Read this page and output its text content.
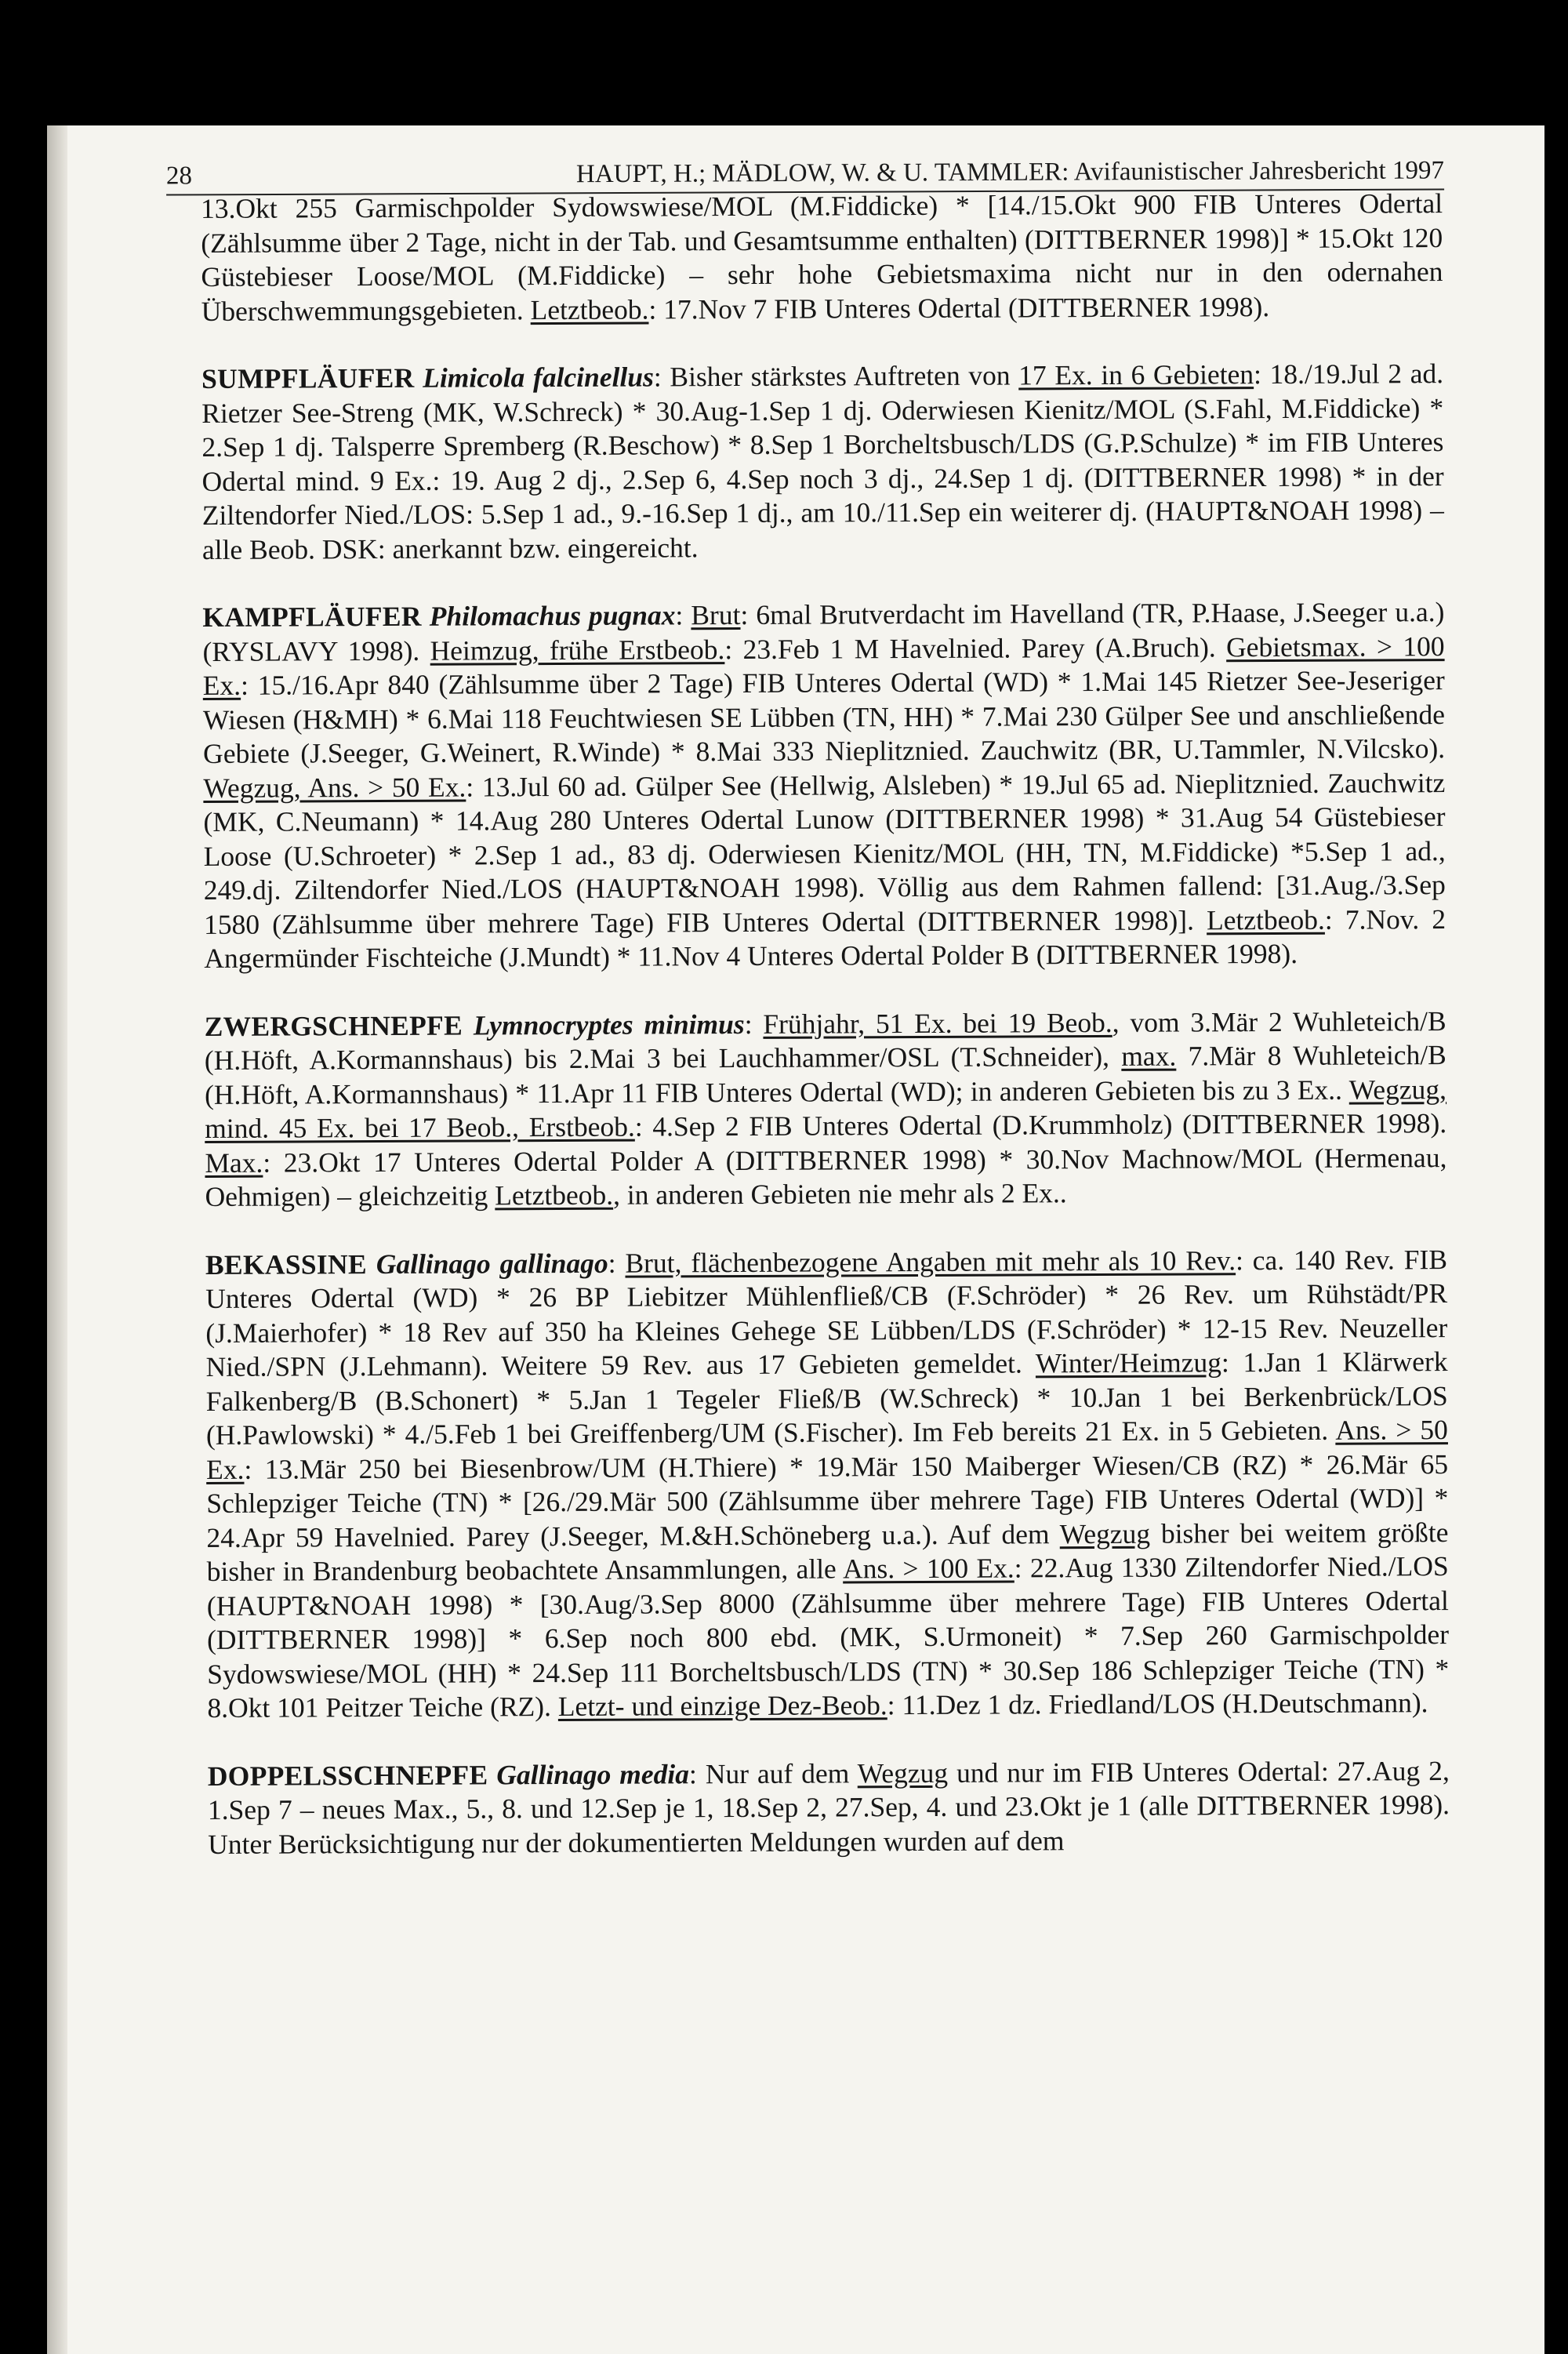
28	HAUPT, H.; MÄDLOW, W. & U. TAMMLER: Avifaunistischer Jahresbericht 1997

13.Okt 255 Garmischpolder Sydowswiese/MOL (M.Fiddicke) * [14./15.Okt 900 FIB Unteres Odertal (Zählsumme über 2 Tage, nicht in der Tab. und Gesamtsumme enthalten) (DITTBERNER 1998)] * 15.Okt 120 Güstebieser Loose/MOL (M.Fiddicke) – sehr hohe Gebietsmaxima nicht nur in den odernahen Überschwemmungsgebieten. Letztbeob.: 17.Nov 7 FIB Unteres Odertal (DITTBERNER 1998).

SUMPFLÄUFER Limicola falcinellus: Bisher stärkstes Auftreten von 17 Ex. in 6 Gebieten: 18./19.Jul 2 ad. Rietzer See-Streng (MK, W.Schreck) * 30.Aug-1.Sep 1 dj. Oderwiesen Kienitz/MOL (S.Fahl, M.Fiddicke) * 2.Sep 1 dj. Talsperre Spremberg (R.Beschow) * 8.Sep 1 Borcheltsbusch/LDS (G.P.Schulze) * im FIB Unteres Odertal mind. 9 Ex.: 19. Aug 2 dj., 2.Sep 6, 4.Sep noch 3 dj., 24.Sep 1 dj. (DITTBERNER 1998) * in der Ziltendorfer Nied./LOS: 5.Sep 1 ad., 9.-16.Sep 1 dj., am 10./11.Sep ein weiterer dj. (HAUPT&NOAH 1998) – alle Beob. DSK: anerkannt bzw. eingereicht.

KAMPFLÄUFER Philomachus pugnax: Brut: 6mal Brutverdacht im Havelland (TR, P.Haase, J.Seeger u.a.) (RYSLAVY 1998). Heimzug, frühe Erstbeob.: 23.Feb 1 M Havelnied. Parey (A.Bruch). Gebietsmax. > 100 Ex.: 15./16.Apr 840 (Zählsumme über 2 Tage) FIB Unteres Odertal (WD) * 1.Mai 145 Rietzer See-Jeseriger Wiesen (H&MH) * 6.Mai 118 Feuchtwiesen SE Lübben (TN, HH) * 7.Mai 230 Gülper See und anschließende Gebiete (J.Seeger, G.Weinert, R.Winde) * 8.Mai 333 Nieplitznied. Zauchwitz (BR, U.Tammler, N.Vilcsko). Wegzug, Ans. > 50 Ex.: 13.Jul 60 ad. Gülper See (Hellwig, Alsleben) * 19.Jul 65 ad. Nieplitznied. Zauchwitz (MK, C.Neumann) * 14.Aug 280 Unteres Odertal Lunow (DITTBERNER 1998) * 31.Aug 54 Güstebieser Loose (U.Schroeter) * 2.Sep 1 ad., 83 dj. Oderwiesen Kienitz/MOL (HH, TN, M.Fiddicke) *5.Sep 1 ad., 249.dj. Ziltendorfer Nied./LOS (HAUPT&NOAH 1998). Völlig aus dem Rahmen fallend: [31.Aug./3.Sep 1580 (Zählsumme über mehrere Tage) FIB Unteres Odertal (DITTBERNER 1998)]. Letztbeob.: 7.Nov. 2 Angermünder Fischteiche (J.Mundt) * 11.Nov 4 Unteres Odertal Polder B (DITTBERNER 1998).

ZWERGSCHNEPFE Lymnocryptes minimus: Frühjahr, 51 Ex. bei 19 Beob., vom 3.Mär 2 Wuhleteich/B (H.Höft, A.Kormannshaus) bis 2.Mai 3 bei Lauchhammer/OSL (T.Schneider), max. 7.Mär 8 Wuhleteich/B (H.Höft, A.Kormannshaus) * 11.Apr 11 FIB Unteres Odertal (WD); in anderen Gebieten bis zu 3 Ex.. Wegzug, mind. 45 Ex. bei 17 Beob., Erstbeob.: 4.Sep 2 FIB Unteres Odertal (D.Krummholz) (DITTBERNER 1998). Max.: 23.Okt 17 Unteres Odertal Polder A (DITTBERNER 1998) * 30.Nov Machnow/MOL (Hermenau, Oehmigen) – gleichzeitig Letztbeob., in anderen Gebieten nie mehr als 2 Ex..

BEKASSINE Gallinago gallinago: Brut, flächenbezogene Angaben mit mehr als 10 Rev.: ca. 140 Rev. FIB Unteres Odertal (WD) * 26 BP Liebitzer Mühlenfließ/CB (F.Schröder) * 26 Rev. um Rühstädt/PR (J.Maierhofer) * 18 Rev auf 350 ha Kleines Gehege SE Lübben/LDS (F.Schröder) * 12-15 Rev. Neuzeller Nied./SPN (J.Lehmann). Weitere 59 Rev. aus 17 Gebieten gemeldet. Winter/Heimzug: 1.Jan 1 Klärwerk Falkenberg/B (B.Schonert) * 5.Jan 1 Tegeler Fließ/B (W.Schreck) * 10.Jan 1 bei Berkenbrück/LOS (H.Pawlowski) * 4./5.Feb 1 bei Greiffenberg/UM (S.Fischer). Im Feb bereits 21 Ex. in 5 Gebieten. Ans. > 50 Ex.: 13.Mär 250 bei Biesenbrow/UM (H.Thiere) * 19.Mär 150 Maiberger Wiesen/CB (RZ) * 26.Mär 65 Schlepziger Teiche (TN) * [26./29.Mär 500 (Zählsumme über mehrere Tage) FIB Unteres Odertal (WD)] * 24.Apr 59 Havelnied. Parey (J.Seeger, M.&H.Schöneberg u.a.). Auf dem Wegzug bisher bei weitem größte bisher in Brandenburg beobachtete Ansammlungen, alle Ans. > 100 Ex.: 22.Aug 1330 Ziltendorfer Nied./LOS (HAUPT&NOAH 1998) * [30.Aug/3.Sep 8000 (Zählsumme über mehrere Tage) FIB Unteres Odertal (DITTBERNER 1998)] * 6.Sep noch 800 ebd. (MK, S.Urmoneit) * 7.Sep 260 Garmischpolder Sydowswiese/MOL (HH) * 24.Sep 111 Borcheltsbusch/LDS (TN) * 30.Sep 186 Schlepziger Teiche (TN) * 8.Okt 101 Peitzer Teiche (RZ). Letzt- und einzige Dez-Beob.: 11.Dez 1 dz. Friedland/LOS (H.Deutschmann).

DOPPELSSCHNEPFE Gallinago media: Nur auf dem Wegzug und nur im FIB Unteres Odertal: 27.Aug 2, 1.Sep 7 – neues Max., 5., 8. und 12.Sep je 1, 18.Sep 2, 27.Sep, 4. und 23.Okt je 1 (alle DITTBERNER 1998). Unter Berücksichtigung nur der dokumentierten Meldungen wurden auf dem
